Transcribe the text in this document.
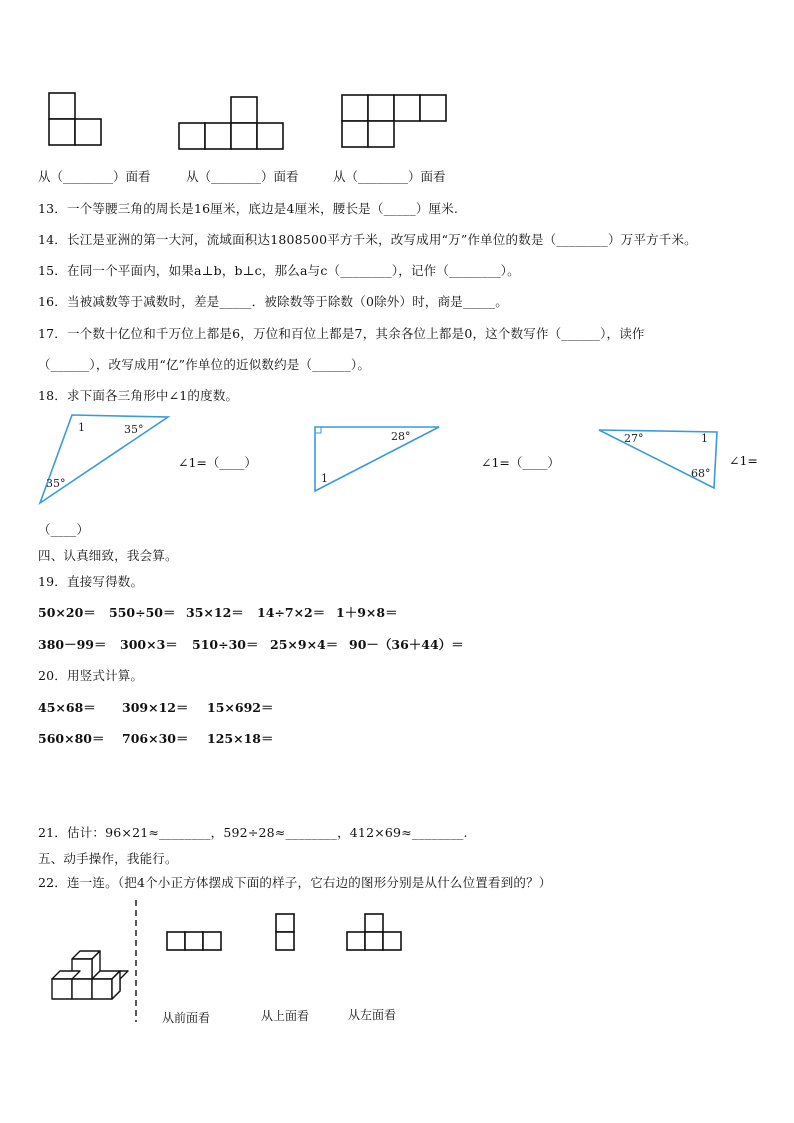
从（________）面看	从（________）面看	从（________）面看
13．一个等腰三角的周长是16厘米，底边是4厘米，腰长是（_____）厘米.
14．长江是亚洲的第一大河，流域面积达1808500平方千米，改写成用“万”作单位的数是（________）万平方千米。
15．在同一个平面内，如果a⊥b，b⊥c，那么a与c（________），记作（________）。
16．当被减数等于减数时，差是_____．被除数等于除数（0除外）时，商是_____。
17．一个数十亿位和千万位上都是6，万位和百位上都是7，其余各位上都是0，这个数写作（______），读作
（______），改写成用“亿”作单位的近似数约是（______）。
18．求下面各三角形中∠1的度数。
1	35°
35°
∠1=（____）
28°
1
∠1=（____）
27°	1
68°
∠1=
（____）
四、认真细致，我会算。
19．直接写得数。
50×20＝ 550÷50＝ 35×12＝ 14÷7×2＝ 1＋9×8＝
380－99＝ 300×3＝ 510÷30＝ 25×9×4＝ 90－（36＋44）＝
20．用竖式计算。
45×68＝ 309×12＝ 15×692＝
560×80＝ 706×30＝ 125×18＝
21．估计：96×21≈________，592÷28≈________，412×69≈________.
五、动手操作，我能行。
22．连一连。（把4个小正方体摆成下面的样子，它右边的图形分别是从什么位置看到的？）
从前面看	从上面看	从左面看
